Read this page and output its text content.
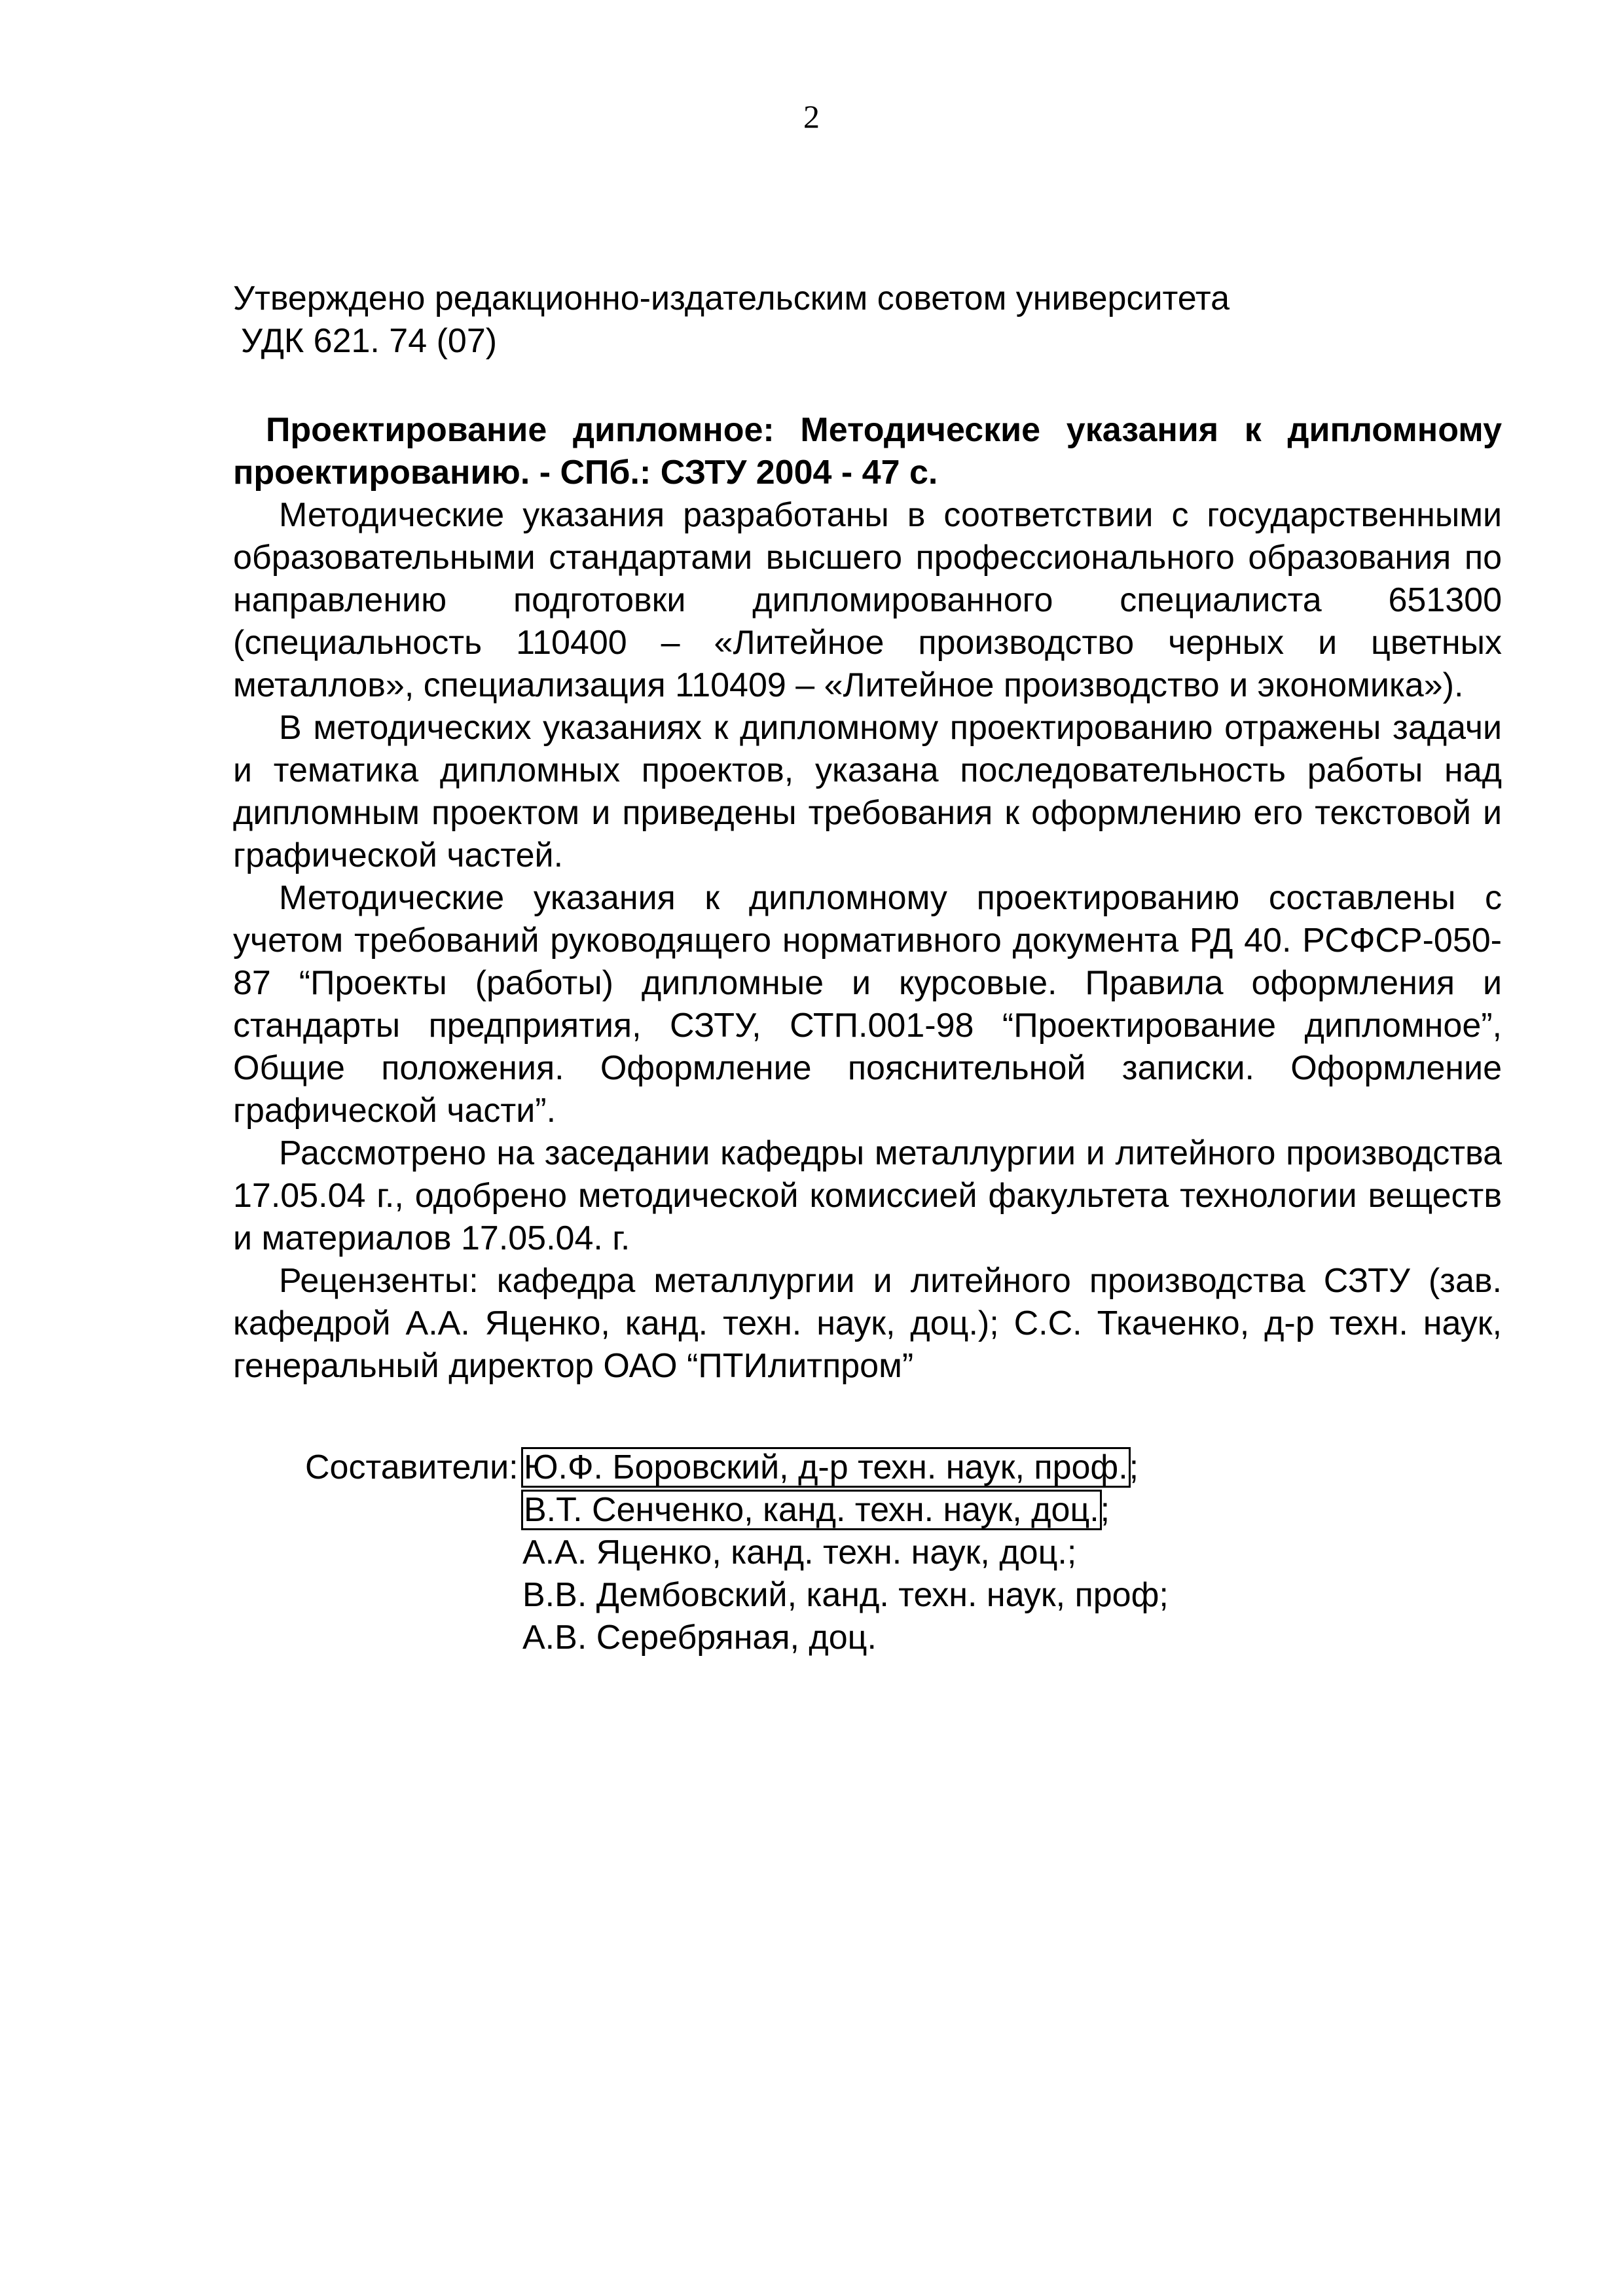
2
Утверждено редакционно-издательским советом университета
УДК 621. 74 (07)

Проектирование дипломное: Методические указания к дипломному проектированию. - СПб.: СЗТУ 2004 - 47 с.

Методические указания разработаны в соответствии с государственными образовательными стандартами высшего профессионального образования по направлению подготовки дипломированного специалиста 651300 (специальность 110400 – «Литейное производство черных и цветных металлов», специализация 110409 – «Литейное производство и экономика»).

В методических указаниях к дипломному проектированию отражены задачи и тематика дипломных проектов, указана последовательность работы над дипломным проектом и приведены требования к оформлению его текстовой и графической частей.

Методические указания к дипломному проектированию составлены с учетом требований руководящего нормативного документа РД 40. РСФСР-050-87 “Проекты (работы) дипломные и курсовые. Правила оформления и стандарты предприятия, СЗТУ, СТП.001-98 “Проектирование дипломное”, Общие положения. Оформление пояснительной записки. Оформление графической части”.

Рассмотрено на заседании кафедры металлургии и литейного производства 17.05.04 г., одобрено методической комиссией факультета технологии веществ и материалов 17.05.04. г.

Рецензенты: кафедра металлургии и литейного производства СЗТУ (зав. кафедрой А.А. Яценко, канд. техн. наук, доц.); С.С. Ткаченко, д-р техн. наук, генеральный директор ОАО “ПТИлитпром”

Составители: Ю.Ф. Боровский, д-р техн. наук, проф.;
В.Т. Сенченко, канд. техн. наук, доц.;
А.А. Яценко, канд. техн. наук, доц.;
В.В. Дембовский, канд. техн. наук, проф;
А.В. Серебряная, доц.
